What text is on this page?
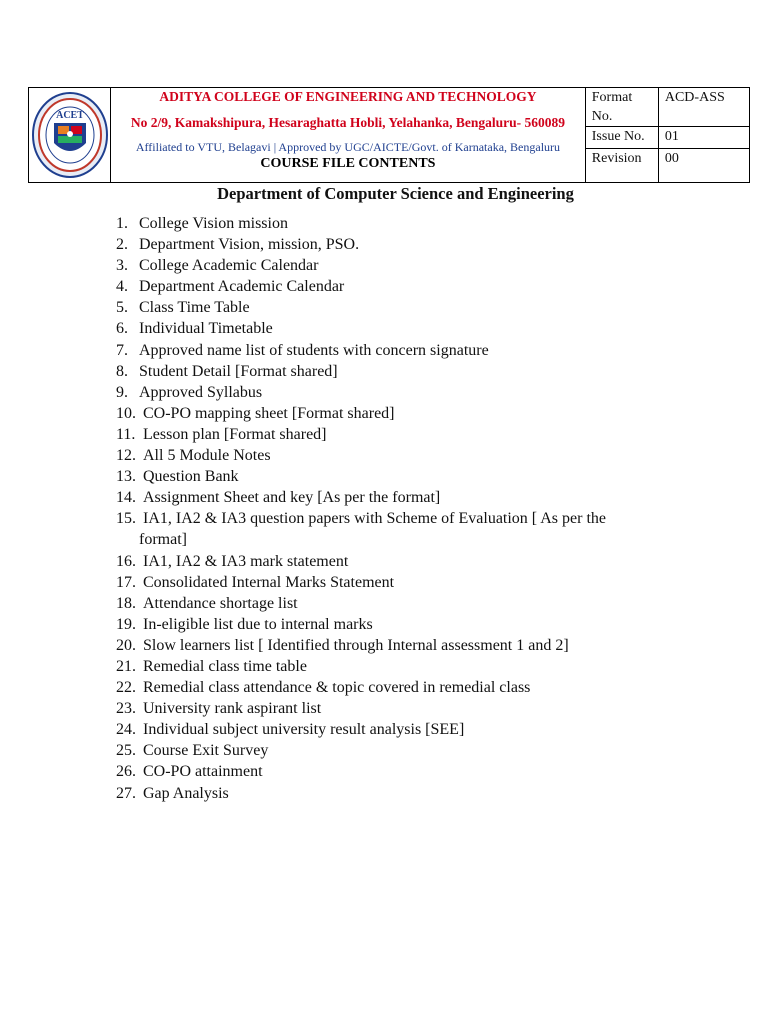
ACET	ADITYA COLLEGE OF ENGINEERING AND TECHNOLOGY
No 2/9, Kamakshipura, Hesaraghatta Hobli, Yelahanka, Bengaluru- 560089
Affiliated to VTU, Belagavi | Approved by UGC/AICTE/Govt. of Karnataka, Bengaluru
COURSE FILE CONTENTS	Format No.	ACD-ASS
		Issue No.	01
		Revision	00
Department of Computer Science and Engineering
1. College Vision mission
2. Department Vision, mission, PSO.
3. College Academic Calendar
4. Department Academic Calendar
5. Class Time Table
6. Individual Timetable
7. Approved name list of students with concern signature
8. Student Detail [Format shared]
9. Approved Syllabus
10. CO-PO mapping sheet [Format shared]
11. Lesson plan [Format shared]
12. All 5 Module Notes
13. Question Bank
14. Assignment Sheet and key [As per the format]
15. IA1, IA2 & IA3 question papers with Scheme of Evaluation [ As per the
format]
16. IA1, IA2 & IA3 mark statement
17. Consolidated Internal Marks Statement
18. Attendance shortage list
19. In-eligible list due to internal marks
20. Slow learners list [ Identified through Internal assessment 1 and 2]
21. Remedial class time table
22. Remedial class attendance & topic covered in remedial class
23. University rank aspirant list
24. Individual subject university result analysis [SEE]
25. Course Exit Survey
26. CO-PO attainment
27. Gap Analysis
